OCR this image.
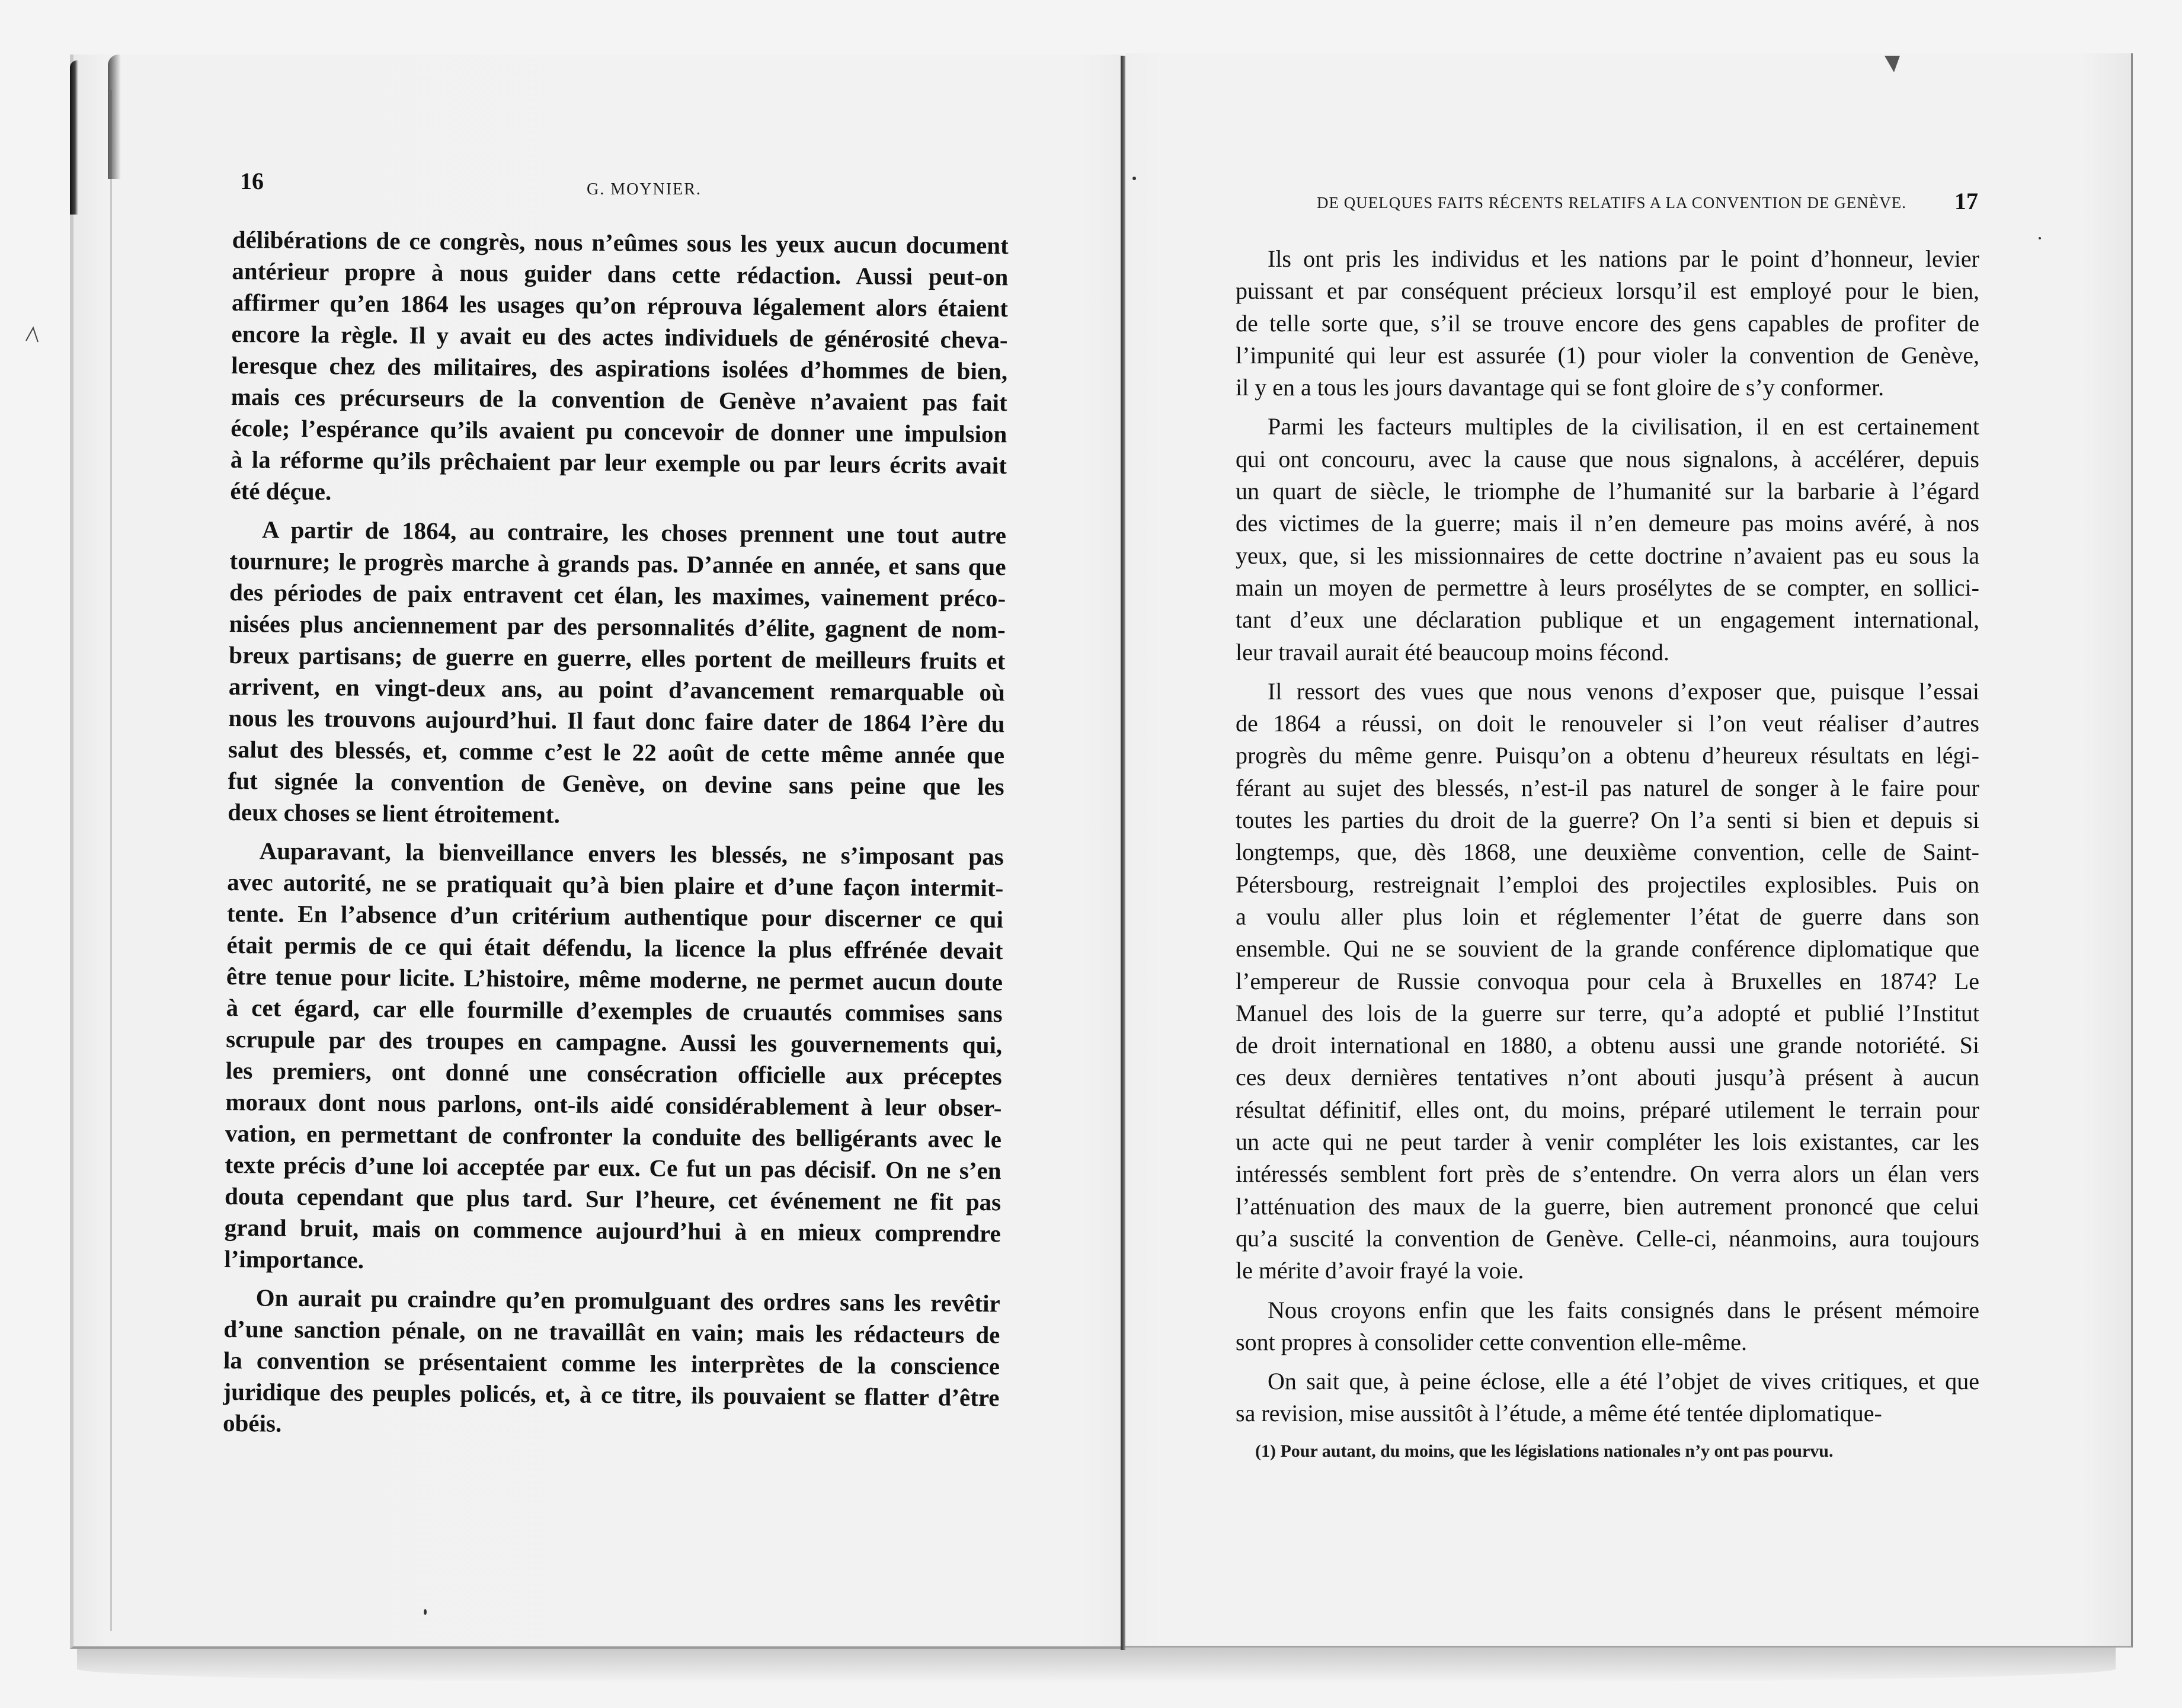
16	G. MOYNIER.
délibérations de ce congrès, nous n’eûmes sous les yeux aucun document
antérieur propre à nous guider dans cette rédaction. Aussi peut-on
affirmer qu’en 1864 les usages qu’on réprouva légalement alors étaient
encore la règle. Il y avait eu des actes individuels de générosité cheva-
leresque chez des militaires, des aspirations isolées d’hommes de bien,
mais ces précurseurs de la convention de Genève n’avaient pas fait
école; l’espérance qu’ils avaient pu concevoir de donner une impulsion
à la réforme qu’ils prêchaient par leur exemple ou par leurs écrits avait
été déçue.
A partir de 1864, au contraire, les choses prennent une tout autre
tournure; le progrès marche à grands pas. D’année en année, et sans que
des périodes de paix entravent cet élan, les maximes, vainement préco-
nisées plus anciennement par des personnalités d’élite, gagnent de nom-
breux partisans; de guerre en guerre, elles portent de meilleurs fruits et
arrivent, en vingt-deux ans, au point d’avancement remarquable où
nous les trouvons aujourd’hui. Il faut donc faire dater de 1864 l’ère du
salut des blessés, et, comme c’est le 22 août de cette même année que
fut signée la convention de Genève, on devine sans peine que les
deux choses se lient étroitement.
Auparavant, la bienveillance envers les blessés, ne s’imposant pas
avec autorité, ne se pratiquait qu’à bien plaire et d’une façon intermit-
tente. En l’absence d’un critérium authentique pour discerner ce qui
était permis de ce qui était défendu, la licence la plus effrénée devait
être tenue pour licite. L’histoire, même moderne, ne permet aucun doute
à cet égard, car elle fourmille d’exemples de cruautés commises sans
scrupule par des troupes en campagne. Aussi les gouvernements qui,
les premiers, ont donné une consécration officielle aux préceptes
moraux dont nous parlons, ont-ils aidé considérablement à leur obser-
vation, en permettant de confronter la conduite des belligérants avec le
texte précis d’une loi acceptée par eux. Ce fut un pas décisif. On ne s’en
douta cependant que plus tard. Sur l’heure, cet événement ne fit pas
grand bruit, mais on commence aujourd’hui à en mieux comprendre
l’importance.
On aurait pu craindre qu’en promulguant des ordres sans les revêtir
d’une sanction pénale, on ne travaillât en vain; mais les rédacteurs de
la convention se présentaient comme les interprètes de la conscience
juridique des peuples policés, et, à ce titre, ils pouvaient se flatter d’être
obéis.
DE QUELQUES FAITS RÉCENTS RELATIFS A LA CONVENTION DE GENÈVE. 17
Ils ont pris les individus et les nations par le point d’honneur, levier
puissant et par conséquent précieux lorsqu’il est employé pour le bien,
de telle sorte que, s’il se trouve encore des gens capables de profiter de
l’impunité qui leur est assurée (1) pour violer la convention de Genève,
il y en a tous les jours davantage qui se font gloire de s’y conformer.
Parmi les facteurs multiples de la civilisation, il en est certainement
qui ont concouru, avec la cause que nous signalons, à accélérer, depuis
un quart de siècle, le triomphe de l’humanité sur la barbarie à l’égard
des victimes de la guerre; mais il n’en demeure pas moins avéré, à nos
yeux, que, si les missionnaires de cette doctrine n’avaient pas eu sous la
main un moyen de permettre à leurs prosélytes de se compter, en sollici-
tant d’eux une déclaration publique et un engagement international,
leur travail aurait été beaucoup moins fécond.
Il ressort des vues que nous venons d’exposer que, puisque l’essai
de 1864 a réussi, on doit le renouveler si l’on veut réaliser d’autres
progrès du même genre. Puisqu’on a obtenu d’heureux résultats en légi-
férant au sujet des blessés, n’est-il pas naturel de songer à le faire pour
toutes les parties du droit de la guerre? On l’a senti si bien et depuis si
longtemps, que, dès 1868, une deuxième convention, celle de Saint-
Pétersbourg, restreignait l’emploi des projectiles explosibles. Puis on
a voulu aller plus loin et réglementer l’état de guerre dans son
ensemble. Qui ne se souvient de la grande conférence diplomatique que
l’empereur de Russie convoqua pour cela à Bruxelles en 1874? Le
Manuel des lois de la guerre sur terre, qu’a adopté et publié l’Institut
de droit international en 1880, a obtenu aussi une grande notoriété. Si
ces deux dernières tentatives n’ont abouti jusqu’à présent à aucun
résultat définitif, elles ont, du moins, préparé utilement le terrain pour
un acte qui ne peut tarder à venir compléter les lois existantes, car les
intéressés semblent fort près de s’entendre. On verra alors un élan vers
l’atténuation des maux de la guerre, bien autrement prononcé que celui
qu’a suscité la convention de Genève. Celle-ci, néanmoins, aura toujours
le mérite d’avoir frayé la voie.
Nous croyons enfin que les faits consignés dans le présent mémoire
sont propres à consolider cette convention elle-même.
On sait que, à peine éclose, elle a été l’objet de vives critiques, et que
sa revision, mise aussitôt à l’étude, a même été tentée diplomatique-
(1) Pour autant, du moins, que les législations nationales n’y ont pas pourvu.
